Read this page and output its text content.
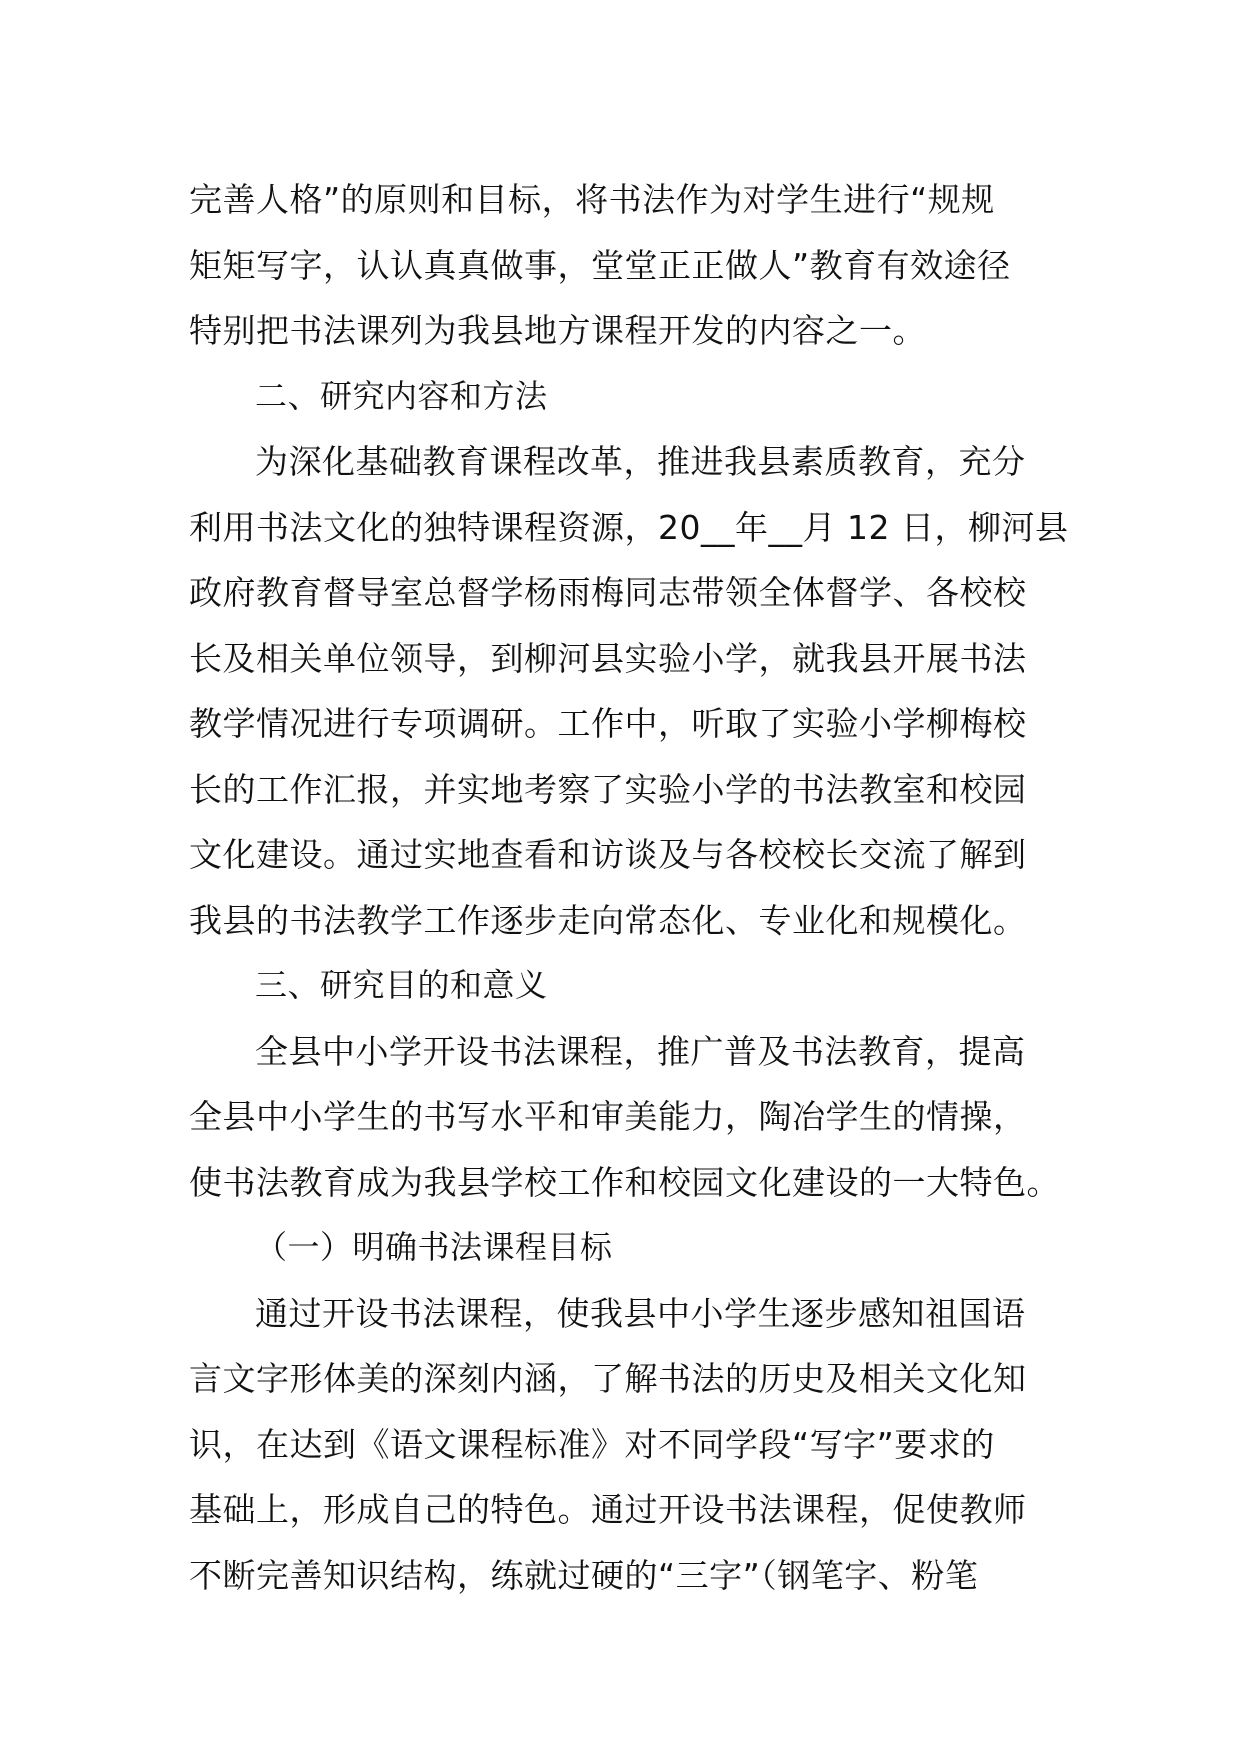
完善人格”的原则和目标，将书法作为对学生进行“规规
矩矩写字，认认真真做事，堂堂正正做人”教育有效途径
特别把书法课列为我县地方课程开发的内容之一。
二、研究内容和方法
为深化基础教育课程改革，推进我县素质教育，充分
利用书法文化的独特课程资源，20__年__月 12 日，柳河县
政府教育督导室总督学杨雨梅同志带领全体督学、各校校
长及相关单位领导，到柳河县实验小学，就我县开展书法
教学情况进行专项调研。工作中，听取了实验小学柳梅校
长的工作汇报，并实地考察了实验小学的书法教室和校园
文化建设。通过实地查看和访谈及与各校校长交流了解到
我县的书法教学工作逐步走向常态化、专业化和规模化。
三、研究目的和意义
全县中小学开设书法课程，推广普及书法教育，提高
全县中小学生的书写水平和审美能力，陶冶学生的情操，
使书法教育成为我县学校工作和校园文化建设的一大特色。
（一）明确书法课程目标
通过开设书法课程，使我县中小学生逐步感知祖国语
言文字形体美的深刻内涵，了解书法的历史及相关文化知
识，在达到《语文课程标准》对不同学段“写字”要求的
基础上，形成自己的特色。通过开设书法课程，促使教师
不断完善知识结构，练就过硬的“三字”（钢笔字、粉笔
